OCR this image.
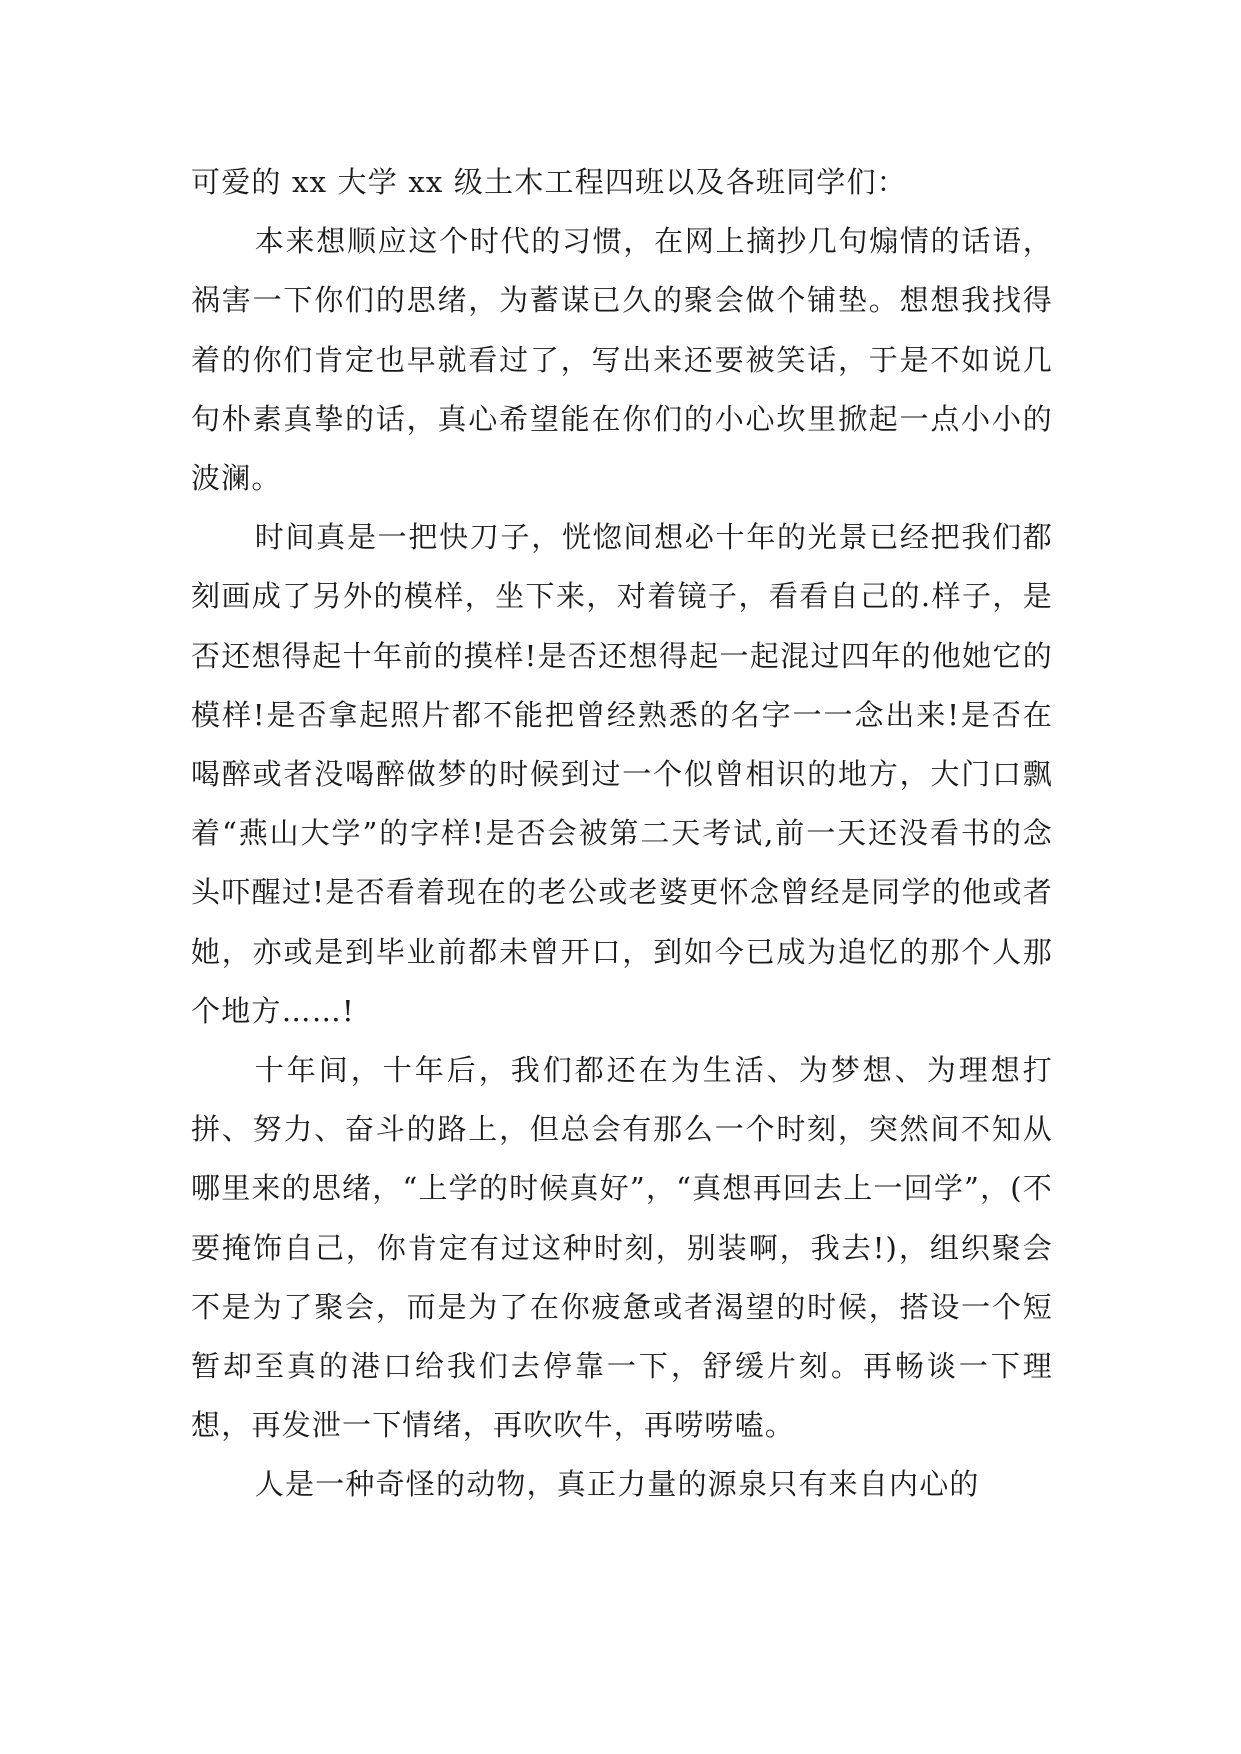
可爱的 xx 大学 xx 级土木工程四班以及各班同学们：

本来想顺应这个时代的习惯，在网上摘抄几句煽情的话语，祸害一下你们的思绪，为蓄谋已久的聚会做个铺垫。想想我找得着的你们肯定也早就看过了，写出来还要被笑话，于是不如说几句朴素真挚的话，真心希望能在你们的小心坎里掀起一点小小的波澜。

时间真是一把快刀子，恍惚间想必十年的光景已经把我们都刻画成了另外的模样，坐下来，对着镜子，看看自己的.样子，是否还想得起十年前的摸样!是否还想得起一起混过四年的他她它的模样!是否拿起照片都不能把曾经熟悉的名字一一念出来!是否在喝醉或者没喝醉做梦的时候到过一个似曾相识的地方，大门口飘着“燕山大学”的字样!是否会被第二天考试,前一天还没看书的念头吓醒过!是否看着现在的老公或老婆更怀念曾经是同学的他或者她，亦或是到毕业前都未曾开口，到如今已成为追忆的那个人那个地方……!

十年间，十年后，我们都还在为生活、为梦想、为理想打拼、努力、奋斗的路上，但总会有那么一个时刻，突然间不知从哪里来的思绪，“上学的时候真好”，“真想再回去上一回学”，(不要掩饰自己，你肯定有过这种时刻，别装啊，我去!)，组织聚会不是为了聚会，而是为了在你疲惫或者渴望的时候，搭设一个短暂却至真的港口给我们去停靠一下，舒缓片刻。再畅谈一下理想，再发泄一下情绪，再吹吹牛，再唠唠嗑。

人是一种奇怪的动物，真正力量的源泉只有来自内心的
